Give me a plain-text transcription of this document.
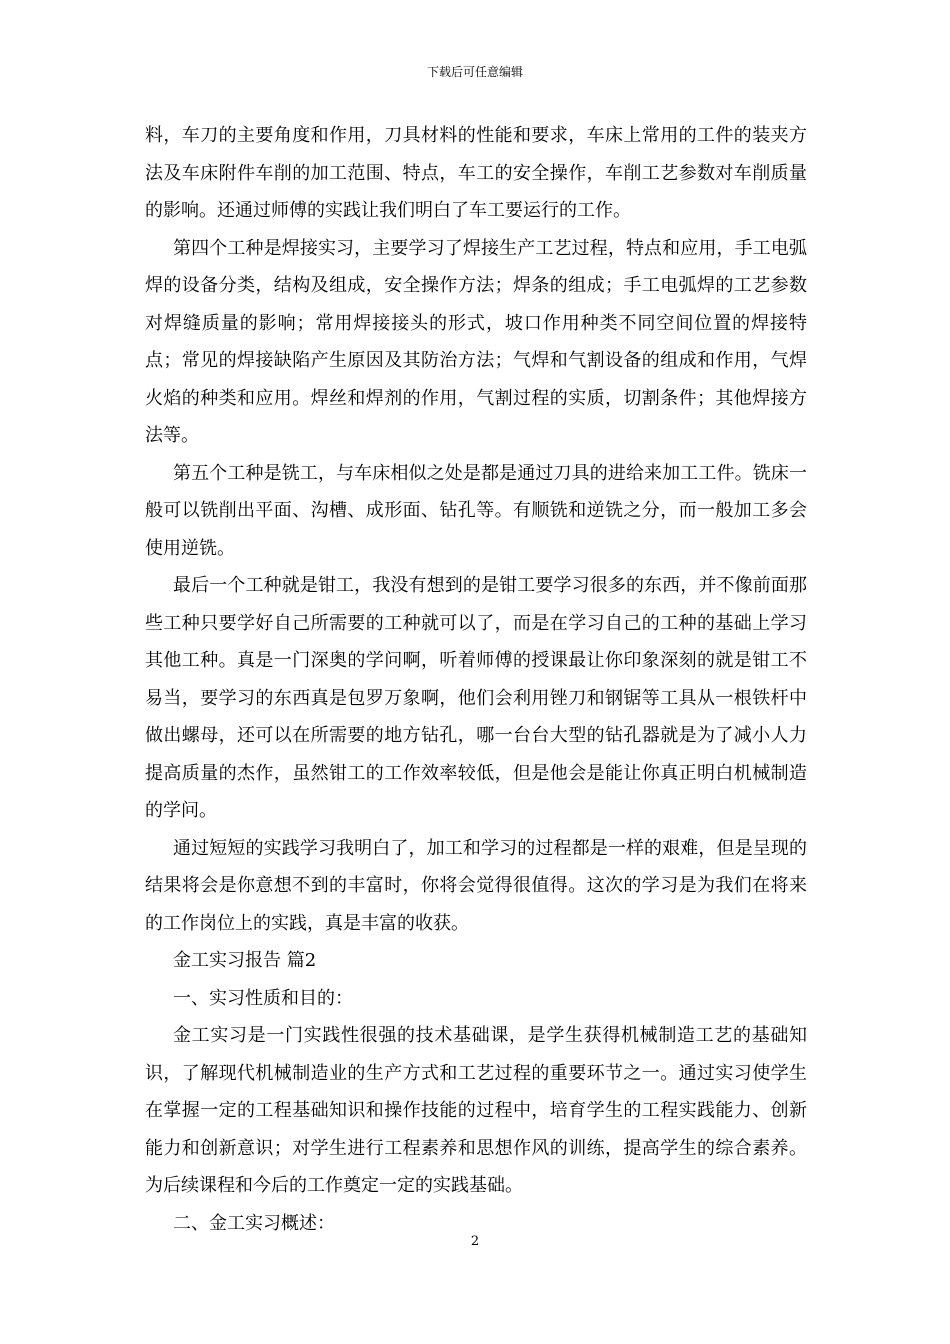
下载后可任意编辑

料，车刀的主要角度和作用，刀具材料的性能和要求，车床上常用的工件的装夹方法及车床附件车削的加工范围、特点，车工的安全操作，车削工艺参数对车削质量的影响。还通过师傅的实践让我们明白了车工要运行的工作。

第四个工种是焊接实习，主要学习了焊接生产工艺过程，特点和应用，手工电弧焊的设备分类，结构及组成，安全操作方法；焊条的组成；手工电弧焊的工艺参数对焊缝质量的影响；常用焊接接头的形式，坡口作用种类不同空间位置的焊接特点；常见的焊接缺陷产生原因及其防治方法；气焊和气割设备的组成和作用，气焊火焰的种类和应用。焊丝和焊剂的作用，气割过程的实质，切割条件；其他焊接方法等。

第五个工种是铣工，与车床相似之处是都是通过刀具的进给来加工工件。铣床一般可以铣削出平面、沟槽、成形面、钻孔等。有顺铣和逆铣之分，而一般加工多会使用逆铣。

最后一个工种就是钳工，我没有想到的是钳工要学习很多的东西，并不像前面那些工种只要学好自己所需要的工种就可以了，而是在学习自己的工种的基础上学习其他工种。真是一门深奥的学问啊，听着师傅的授课最让你印象深刻的就是钳工不易当，要学习的东西真是包罗万象啊，他们会利用锉刀和钢锯等工具从一根铁杆中做出螺母，还可以在所需要的地方钻孔，哪一台台大型的钻孔器就是为了减小人力提高质量的杰作，虽然钳工的工作效率较低，但是他会是能让你真正明白机械制造的学问。

通过短短的实践学习我明白了，加工和学习的过程都是一样的艰难，但是呈现的结果将会是你意想不到的丰富时，你将会觉得很值得。这次的学习是为我们在将来的工作岗位上的实践，真是丰富的收获。

金工实习报告 篇2

一、实习性质和目的：

金工实习是一门实践性很强的技术基础课，是学生获得机械制造工艺的基础知识，了解现代机械制造业的生产方式和工艺过程的重要环节之一。通过实习使学生在掌握一定的工程基础知识和操作技能的过程中，培育学生的工程实践能力、创新能力和创新意识；对学生进行工程素养和思想作风的训练，提高学生的综合素养。为后续课程和今后的工作奠定一定的实践基础。

二、金工实习概述：

2
